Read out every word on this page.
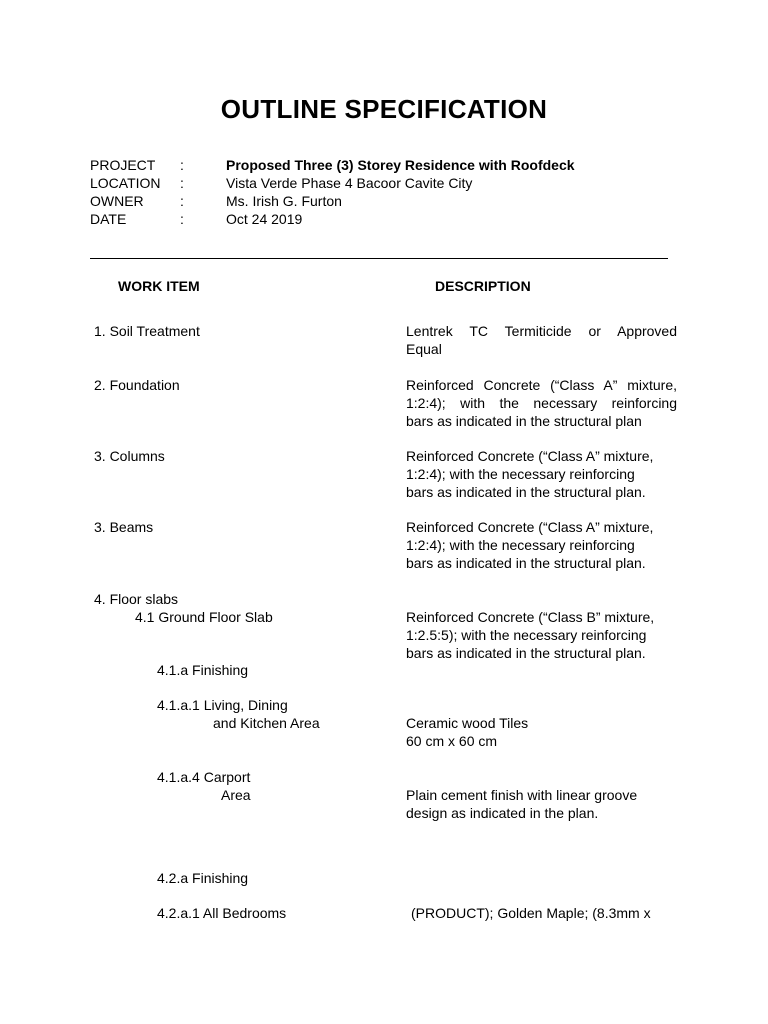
OUTLINE SPECIFICATION
PROJECT :	Proposed Three (3) Storey Residence with Roofdeck
LOCATION :	Vista Verde Phase 4 Bacoor Cavite City
OWNER	:	Ms. Irish G. Furton
DATE	:	Oct 24 2019
WORK ITEM	DESCRIPTION
1. Soil Treatment	Lentrek TC Termiticide or Approved
Equal
2. Foundation	Reinforced Concrete (“Class A” mixture,
1:2:4); with the necessary reinforcing
bars as indicated in the structural plan
3. Columns	Reinforced Concrete (“Class A” mixture,
1:2:4); with the necessary reinforcing
bars as indicated in the structural plan.
3. Beams	Reinforced Concrete (“Class A” mixture,
1:2:4); with the necessary reinforcing
bars as indicated in the structural plan.
4. Floor slabs
4.1 Ground Floor Slab	Reinforced Concrete (“Class B” mixture,
1:2.5:5); with the necessary reinforcing
bars as indicated in the structural plan.
4.1.a Finishing
4.1.a.1 Living, Dining
and Kitchen Area	Ceramic wood Tiles
60 cm x 60 cm
4.1.a.4 Carport
Area	Plain cement finish with linear groove
design as indicated in the plan.
4.2.a Finishing
4.2.a.1 All Bedrooms	(PRODUCT); Golden Maple; (8.3mm x
